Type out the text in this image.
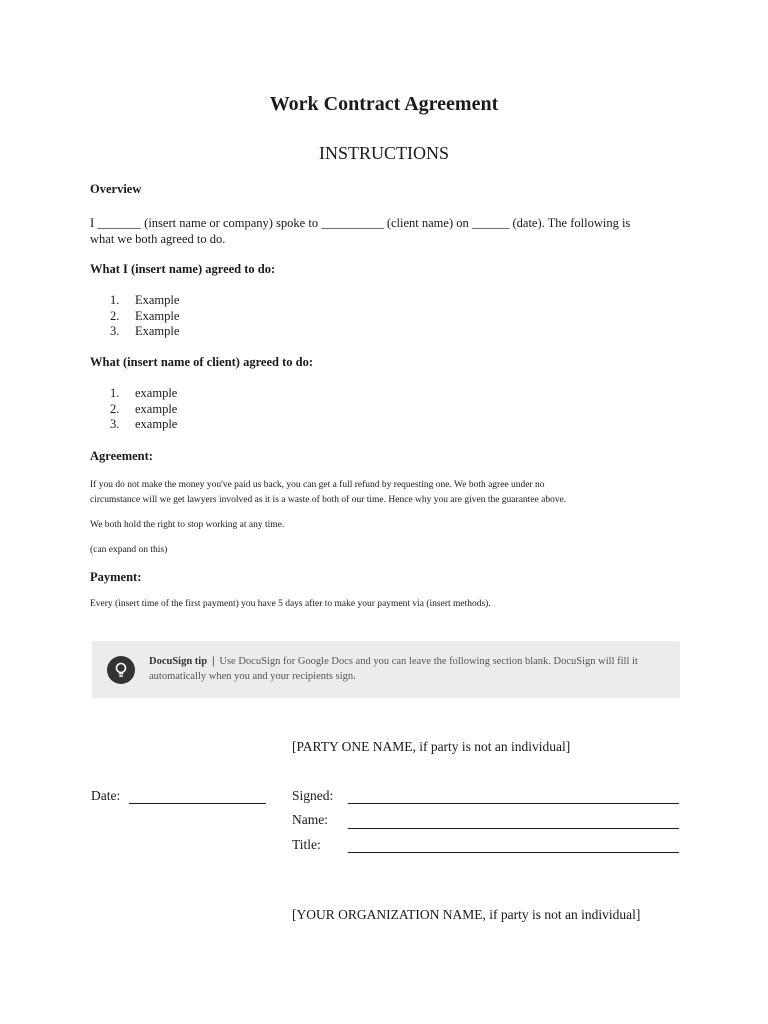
Work Contract Agreement
INSTRUCTIONS
Overview
I _______ (insert name or company) spoke to __________ (client name) on ______ (date). The following is
what we both agreed to do.
What I (insert name) agreed to do:
1.	Example
2.	Example
3.	Example
What (insert name of client) agreed to do:
1.	example
2.	example
3.	example
Agreement:
If you do not make the money you've paid us back, you can get a full refund by requesting one. We both agree under no
circumstance will we get lawyers involved as it is a waste of both of our time. Hence why you are given the guarantee above.
We both hold the right to stop working at any time.
(can expand on this)
Payment:
Every (insert time of the first payment) you have 5 days after to make your payment via (insert methods).
DocuSign tip | Use DocuSign for Google Docs and you can leave the following section blank. DocuSign will fill it
automatically when you and your recipients sign.
[PARTY ONE NAME, if party is not an individual]
Date:	Signed:
Name:
Title:
[YOUR ORGANIZATION NAME, if party is not an individual]
